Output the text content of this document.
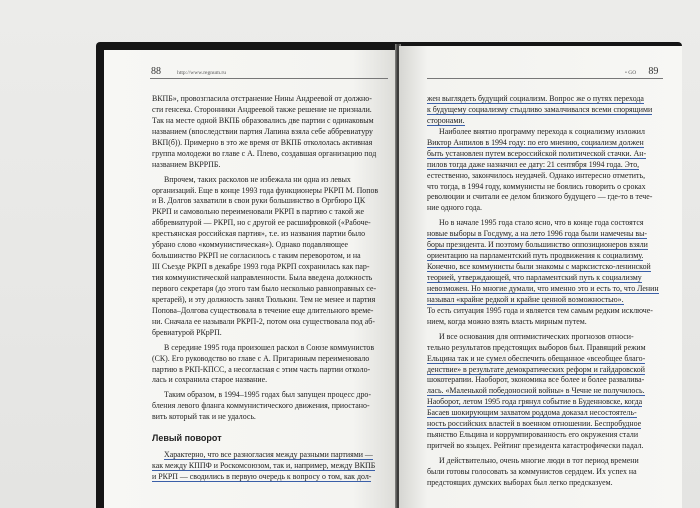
88	http://www.regnum.ru
ВКПБ», провозгласила отстранение Нины Андреевой от должно-
сти генсека. Сторонники Андреевой также решение не признали.
Так на месте одной ВКПБ образовались две партии с одинаковым
названием (впоследствии партия Лапина взяла себе аббревиатуру
ВКП(б)). Примерно в это же время от ВКПБ откололась активная
группа молодежи во главе с А. Плево, создавшая организацию под
названием ВКРРПБ.
Впрочем, таких расколов не избежала ни одна из левых
организаций. Еще в конце 1993 года функционеры РКРП М. Попов
и В. Долгов захватили в свои руки большинство в Оргбюро ЦК
РКРП и самовольно переименовали РКРП в партию с такой же
аббревиатурой — РКРП, но с другой ее расшифровкой («Рабоче-
крестьянская российская партия», т.е. из названия партии было
убрано слово «коммунистическая»). Однако подавляющее
большинство РКРП не согласилось с таким переворотом, и на
III Съезде РКРП в декабре 1993 года РКРП сохранилась как пар-
тия коммунистической направленности. Была введена должность
первого секретаря (до этого там было несколько равноправных се-
кретарей), и эту должность занял Тюлькин. Тем не менее и партия
Попова–Долгова существовала в течение еще длительного време-
ни. Сначала ее называли РКРП-2, потом она существовала под аб-
бревиатурой РКрРП.
В середине 1995 года произошел раскол в Союзе коммунистов
(СК). Его руководство во главе с А. Пригариным переименовало
партию в РКП-КПСС, а несогласная с этим часть партии отколо-
лась и сохранила старое название.
Таким образом, в 1994–1995 годах был запущен процесс дро-
бления левого фланга коммунистического движения, приостано-
вить который так и не удалось.
Левый поворот
Характерно, что все разногласия между разными партиями —
как между КППФ и Роскомсоюзом, так и, например, между ВКПБ
и РКРП — сводились в первую очередь к вопросу о том, как дол-
• GO 89
жен выглядеть будущий социализм. Вопрос же о путях перехода
к будущему социализму стыдливо замалчивался всеми спорящими
сторонами.
Наиболее внятно программу перехода к социализму изложил
Виктор Анпилов в 1994 году: по его мнению, социализм должен
быть установлен путем всероссийской политической стачки. Ан-
пилов тогда даже назначил ее дату: 21 сентября 1994 года. Это,
естественно, закончилось неудачей. Однако интересно отметить,
что тогда, в 1994 году, коммунисты не боялись говорить о сроках
революции и считали ее делом близкого будущего — где-то в тече-
ние одного года.
Но в начале 1995 года стало ясно, что в конце года состоятся
новые выборы в Госдуму, а на лето 1996 года были намечены вы-
боры президента. И поэтому большинство оппозиционеров взяли
ориентацию на парламентский путь продвижения к социализму.
Конечно, все коммунисты были знакомы с марксистско-ленинской
теорией, утверждающей, что парламентский путь к социализму
невозможен. Но многие думали, что именно это и есть то, что Ленин
называл «крайне редкой и крайне ценной возможностью».
То есть ситуация 1995 года и является тем самым редким исключе-
нием, когда можно взять власть мирным путем.
И все основания для оптимистических прогнозов относи-
тельно результатов предстоящих выборов был. Правящий режим
Ельцина так и не сумел обеспечить обещанное «всеобщее благо-
денствие» в результате демократических реформ и гайдаровской
шокотерапии. Наоборот, экономика все более и более развалива-
лась. «Маленькой победоносной войны» в Чечне не получилось.
Наоборот, летом 1995 года грянул событие в Буденновске, когда
Басаев шокирующим захватом роддома доказал несостоятель-
ность российских властей в военном отношении. Беспробудное
пьянство Ельцина и коррумпированность его окружения стали
притчей во языцех. Рейтинг президента катастрофически падал.
И действительно, очень многие люди в тот период времени
были готовы голосовать за коммунистов сердцем. Их успех на
предстоящих думских выборах был легко предсказуем.
